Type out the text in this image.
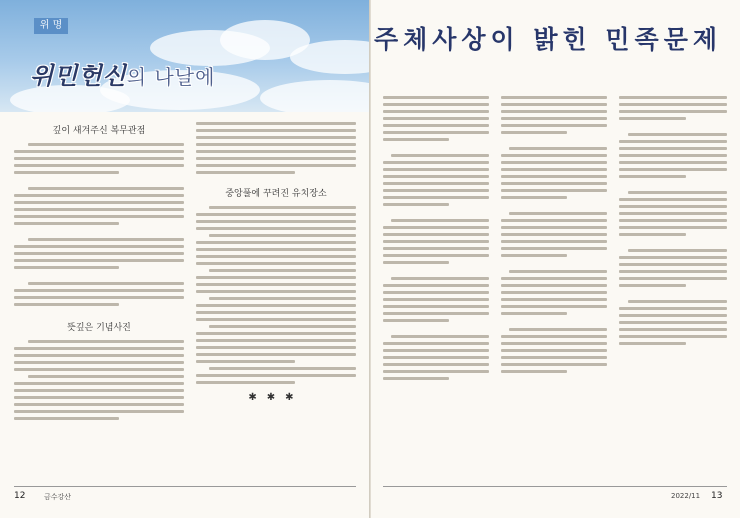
위 명
위민헌신의 나날에
깊이 새겨주신 복무관점
뜻깊은 기념사진
중앙풀에 꾸려진 유치장소
✱✱✱
12	금수강산
주체사상이 밝힌 민족문제
2022/11 13
